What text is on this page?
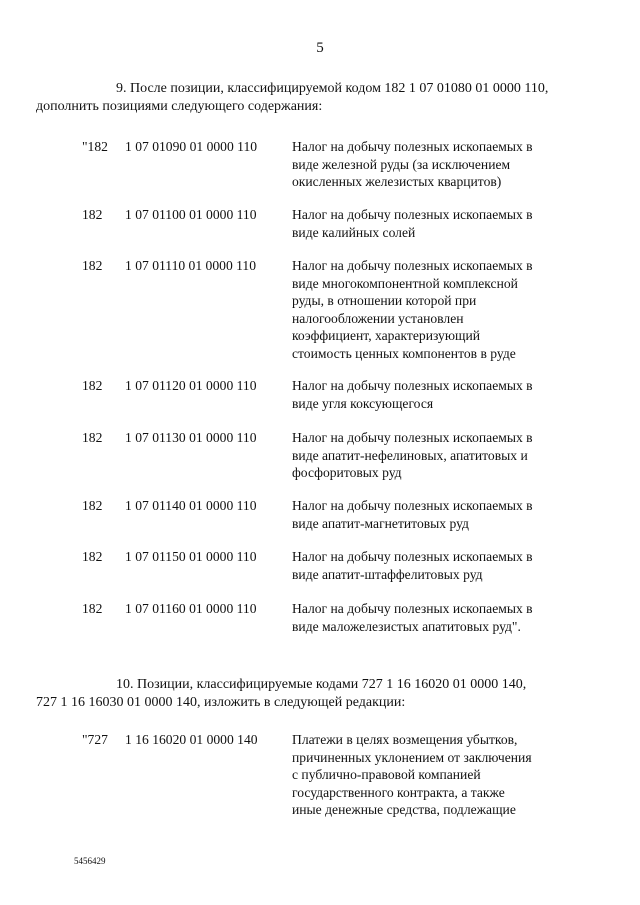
5
9. После позиции, классифицируемой кодом 182 1 07 01080 01 0000 110,
дополнить позициями следующего содержания:
"182	1 07 01090 01 0000 110	Налог на добычу полезных ископаемых в
виде железной руды (за исключением
окисленных железистых кварцитов)
182	1 07 01100 01 0000 110	Налог на добычу полезных ископаемых в
виде калийных солей
182	1 07 01110 01 0000 110	Налог на добычу полезных ископаемых в
виде многокомпонентной комплексной
руды, в отношении которой при
налогообложении установлен
коэффициент, характеризующий
стоимость ценных компонентов в руде
182	1 07 01120 01 0000 110	Налог на добычу полезных ископаемых в
виде угля коксующегося
182	1 07 01130 01 0000 110	Налог на добычу полезных ископаемых в
виде апатит-нефелиновых, апатитовых и
фосфоритовых руд
182	1 07 01140 01 0000 110	Налог на добычу полезных ископаемых в
виде апатит-магнетитовых руд
182	1 07 01150 01 0000 110	Налог на добычу полезных ископаемых в
виде апатит-штаффелитовых руд
182	1 07 01160 01 0000 110	Налог на добычу полезных ископаемых в
виде маложелезистых апатитовых руд".
10. Позиции, классифицируемые кодами 727 1 16 16020 01 0000 140,
727 1 16 16030 01 0000 140, изложить в следующей редакции:
"727	1 16 16020 01 0000 140	Платежи в целях возмещения убытков,
причиненных уклонением от заключения
с публично-правовой компанией
государственного контракта, а также
иные денежные средства, подлежащие
5456429
